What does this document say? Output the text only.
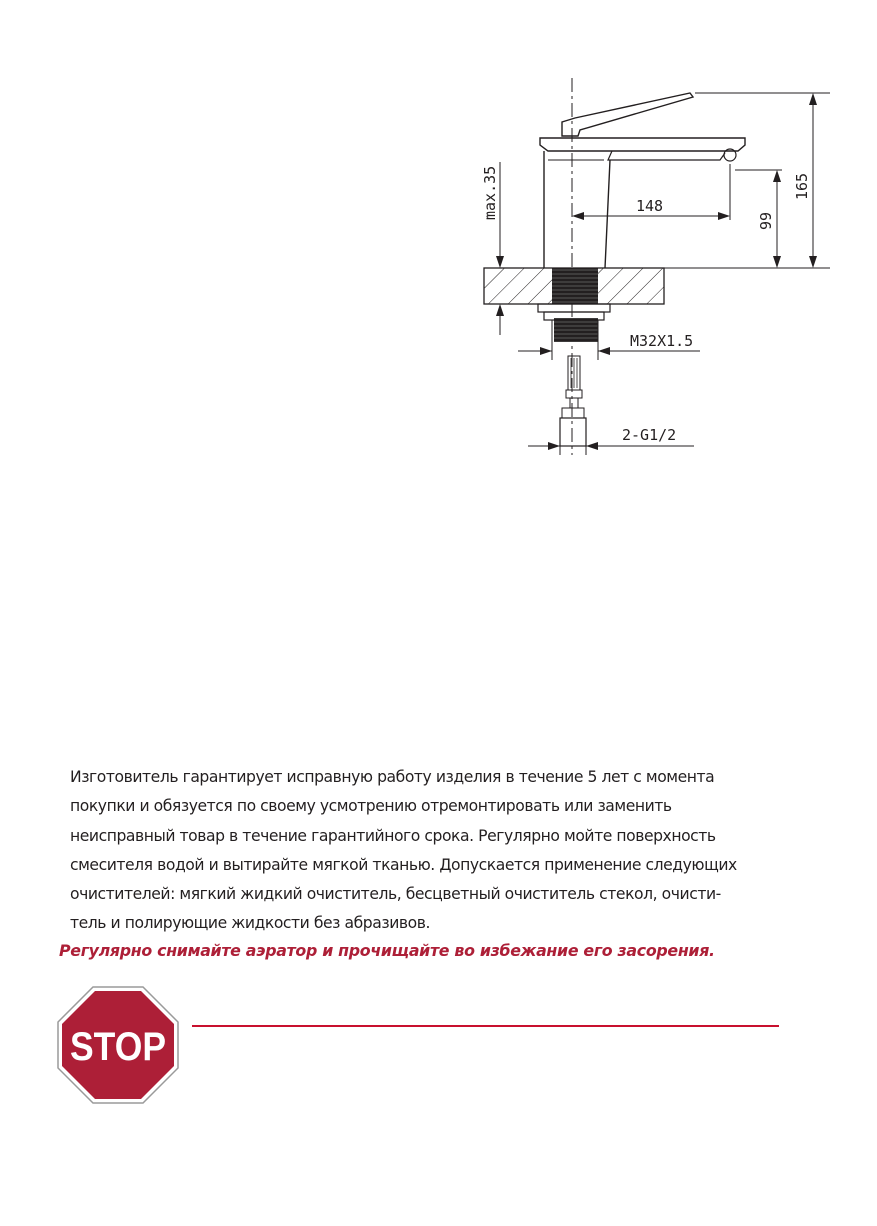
max.35	148
99
165
M32X1.5
2-G1/2

Изготовитель гарантирует исправную работу изделия в течение 5 лет с момента
покупки и обязуется по своему усмотрению отремонтировать или заменить
неисправный товар в течение гарантийного срока. Регулярно мойте поверхность
смесителя водой и вытирайте мягкой тканью. Допускается применение следующих
очистителей: мягкий жидкий очиститель, бесцветный очиститель стекол, очисти-
тель и полирующие жидкости без абразивов.

Регулярно снимайте аэратор и прочищайте во избежание его засорения.

STOP
